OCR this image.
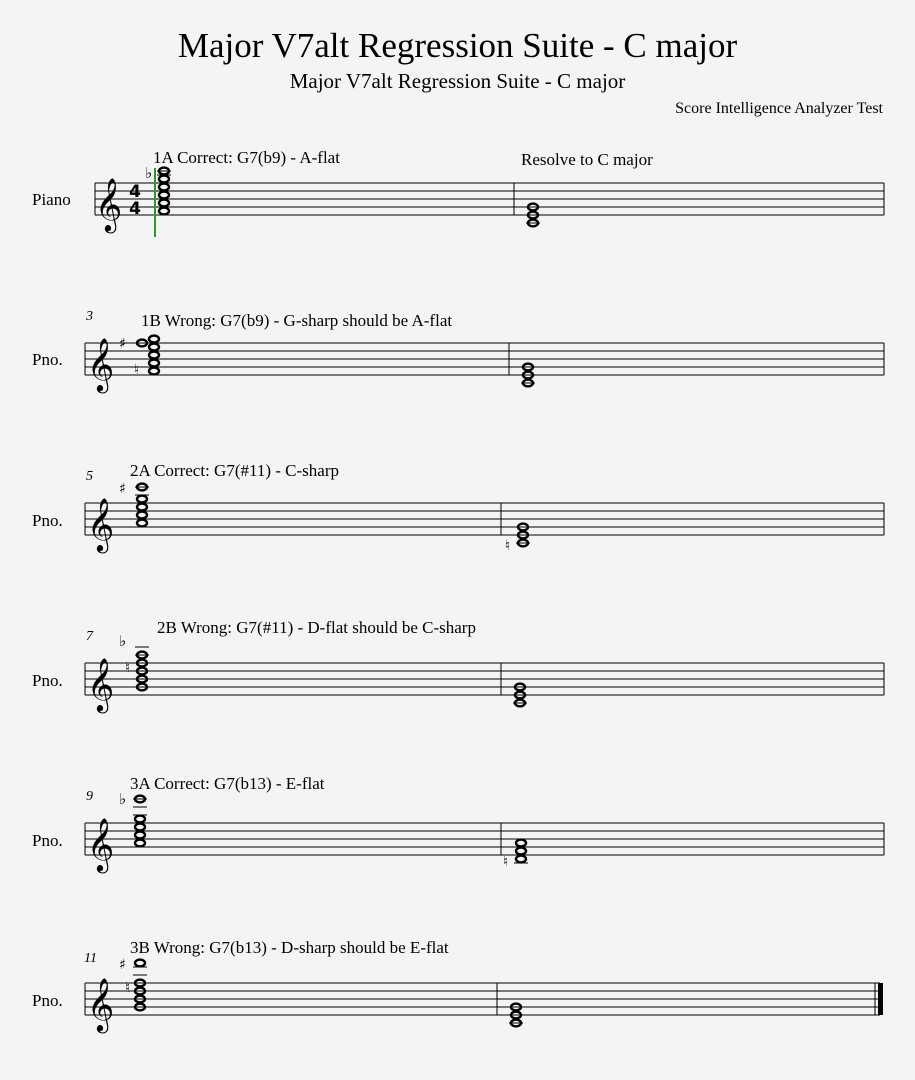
Major V7alt Regression Suite - C major
Major V7alt Regression Suite - C major
Score Intelligence Analyzer Test
Piano
1A Correct: G7(b9) - A-flat	Resolve to C major
𝄞 4
4
♭
3
Pno.
1B Wrong: G7(b9) - G-sharp should be A-flat
𝄞 ♯
♮
5
Pno.
2A Correct: G7(#11) - C-sharp
𝄞
♯
♮
7
Pno.
2B Wrong: G7(#11) - D-flat should be C-sharp
𝄞
♭
♮
9
Pno.
3A Correct: G7(b13) - E-flat
𝄞
♭
♮
11
Pno.
3B Wrong: G7(b13) - D-sharp should be E-flat
𝄞
♯
♮
